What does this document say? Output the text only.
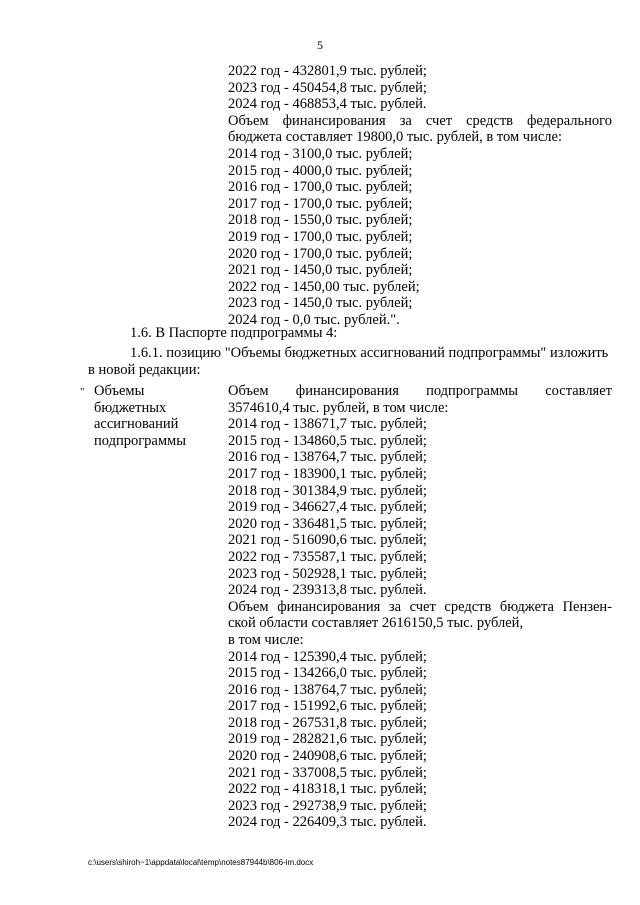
5
2022 год - 432801,9 тыс. рублей;
2023 год - 450454,8 тыс. рублей;
2024 год - 468853,4 тыс. рублей.
Объем финансирования за счет средств федерального
бюджета составляет 19800,0 тыс. рублей, в том числе:
2014 год - 3100,0 тыс. рублей;
2015 год - 4000,0 тыс. рублей;
2016 год - 1700,0 тыс. рублей;
2017 год - 1700,0 тыс. рублей;
2018 год - 1550,0 тыс. рублей;
2019 год - 1700,0 тыс. рублей;
2020 год - 1700,0 тыс. рублей;
2021 год - 1450,0 тыс. рублей;
2022 год - 1450,00 тыс. рублей;
2023 год - 1450,0 тыс. рублей;
2024 год - 0,0 тыс. рублей.".
1.6. В Паспорте подпрограммы 4:
1.6.1. позицию "Объемы бюджетных ассигнований подпрограммы" изложить
в новой редакции:
" Объемы
бюджетных
ассигнований
подпрограммы
Объем финансирования подпрограммы составляет
3574610,4 тыс. рублей, в том числе:
2014 год - 138671,7 тыс. рублей;
2015 год - 134860,5 тыс. рублей;
2016 год - 138764,7 тыс. рублей;
2017 год - 183900,1 тыс. рублей;
2018 год - 301384,9 тыс. рублей;
2019 год - 346627,4 тыс. рублей;
2020 год - 336481,5 тыс. рублей;
2021 год - 516090,6 тыс. рублей;
2022 год - 735587,1 тыс. рублей;
2023 год - 502928,1 тыс. рублей;
2024 год - 239313,8 тыс. рублей.
Объем финансирования за счет средств бюджета Пензен-
ской области составляет 2616150,5 тыс. рублей,
в том числе:
2014 год - 125390,4 тыс. рублей;
2015 год - 134266,0 тыс. рублей;
2016 год - 138764,7 тыс. рублей;
2017 год - 151992,6 тыс. рублей;
2018 год - 267531,8 тыс. рублей;
2019 год - 282821,6 тыс. рублей;
2020 год - 240908,6 тыс. рублей;
2021 год - 337008,5 тыс. рублей;
2022 год - 418318,1 тыс. рублей;
2023 год - 292738,9 тыс. рублей;
2024 год - 226409,3 тыс. рублей.
c:\users\shiroh~1\appdata\local\temp\notes87944b\806-im.docx
